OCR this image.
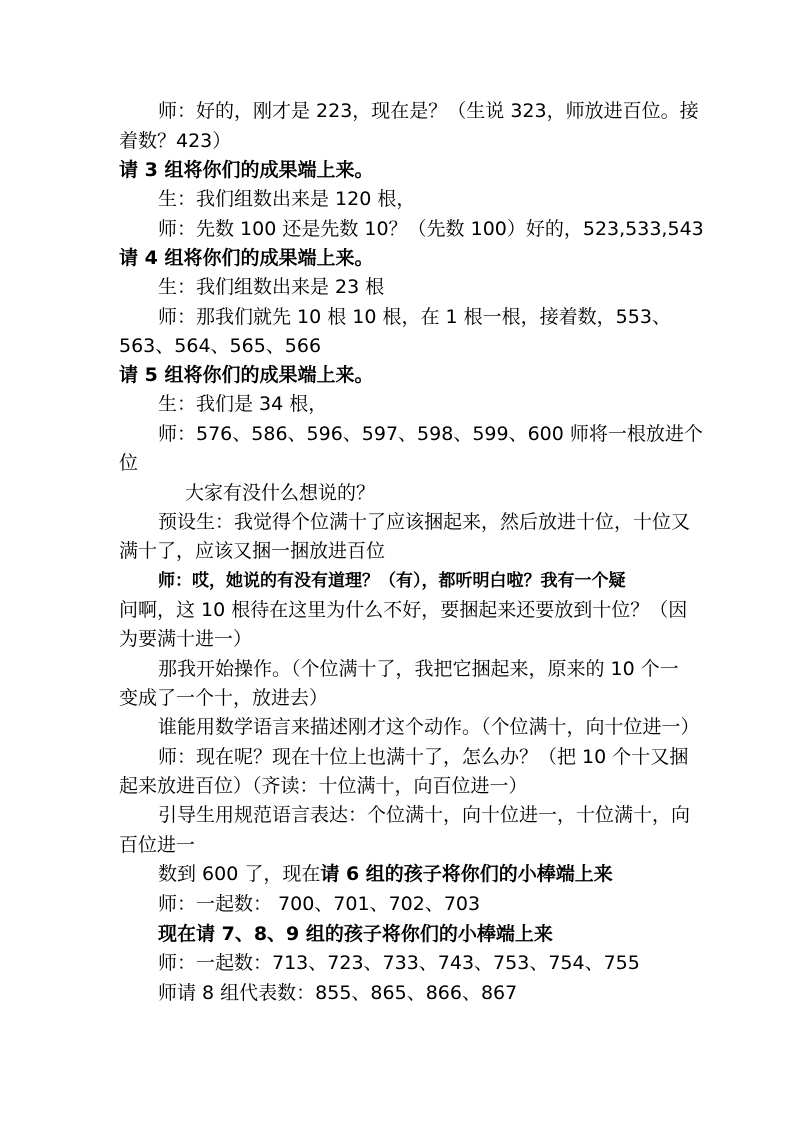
师：好的，刚才是 223，现在是？（生说 323，师放进百位。接
着数？423）
请 3 组将你们的成果端上来。
生：我们组数出来是 120 根，
师：先数 100 还是先数 10？（先数 100）好的，523,533,543
请 4 组将你们的成果端上来。
生：我们组数出来是 23 根
师：那我们就先 10 根 10 根，在 1 根一根，接着数，553、
563、564、565、566
请 5 组将你们的成果端上来。
生：我们是 34 根，
师：576、586、596、597、598、599、600 师将一根放进个
位
大家有没什么想说的？
预设生：我觉得个位满十了应该捆起来，然后放进十位，十位又
满十了，应该又捆一捆放进百位
师：哎，她说的有没有道理？（有），都听明白啦？我有一个疑
问啊，这 10 根待在这里为什么不好，要捆起来还要放到十位？（因
为要满十进一）
那我开始操作。（个位满十了，我把它捆起来，原来的 10 个一
变成了一个十，放进去）
谁能用数学语言来描述刚才这个动作。（个位满十，向十位进一）
师：现在呢？现在十位上也满十了，怎么办？（把 10 个十又捆
起来放进百位）（齐读：十位满十，向百位进一）
引导生用规范语言表达：个位满十，向十位进一，十位满十，向
百位进一
数到 600 了，现在请 6 组的孩子将你们的小棒端上来
师：一起数： 700、701、702、703
现在请 7、8、9 组的孩子将你们的小棒端上来
师：一起数：713、723、733、743、753、754、755
师请 8 组代表数：855、865、866、867
